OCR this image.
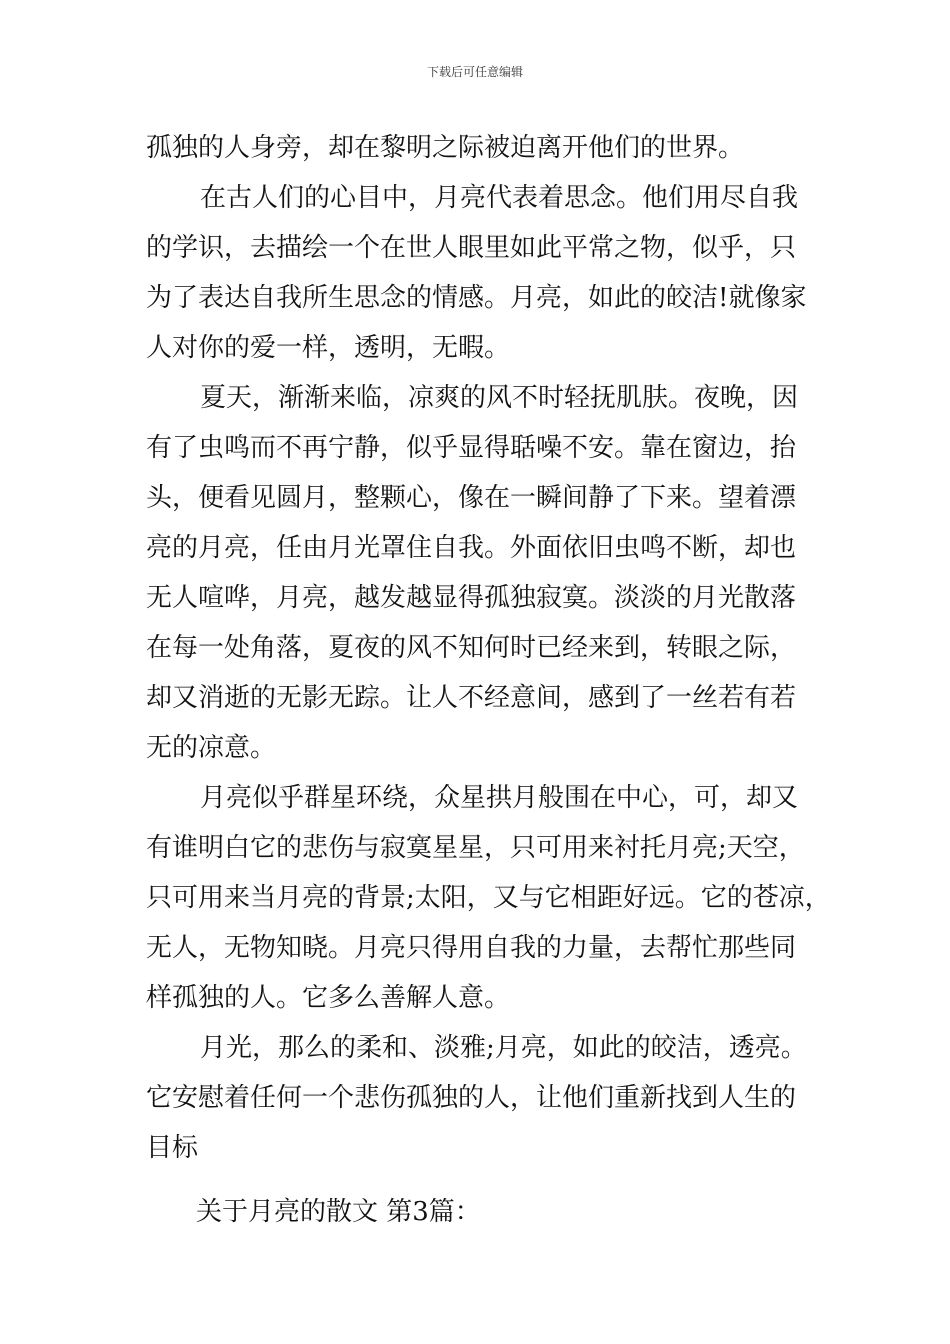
下载后可任意编辑
孤独的人身旁，却在黎明之际被迫离开他们的世界。
在古人们的心目中，月亮代表着思念。他们用尽自我
的学识，去描绘一个在世人眼里如此平常之物，似乎，只
为了表达自我所生思念的情感。月亮，如此的皎洁!就像家
人对你的爱一样，透明，无暇。
夏天，渐渐来临，凉爽的风不时轻抚肌肤。夜晚，因
有了虫鸣而不再宁静，似乎显得聒噪不安。靠在窗边，抬
头，便看见圆月，整颗心，像在一瞬间静了下来。望着漂
亮的月亮，任由月光罩住自我。外面依旧虫鸣不断，却也
无人喧哗，月亮，越发越显得孤独寂寞。淡淡的月光散落
在每一处角落，夏夜的风不知何时已经来到，转眼之际，
却又消逝的无影无踪。让人不经意间，感到了一丝若有若
无的凉意。
月亮似乎群星环绕，众星拱月般围在中心，可，却又
有谁明白它的悲伤与寂寞星星，只可用来衬托月亮;天空，
只可用来当月亮的背景;太阳，又与它相距好远。它的苍凉，
无人，无物知晓。月亮只得用自我的力量，去帮忙那些同
样孤独的人。它多么善解人意。
月光，那么的柔和、淡雅;月亮，如此的皎洁，透亮。
它安慰着任何一个悲伤孤独的人，让他们重新找到人生的
目标
关于月亮的散文 第3篇：
